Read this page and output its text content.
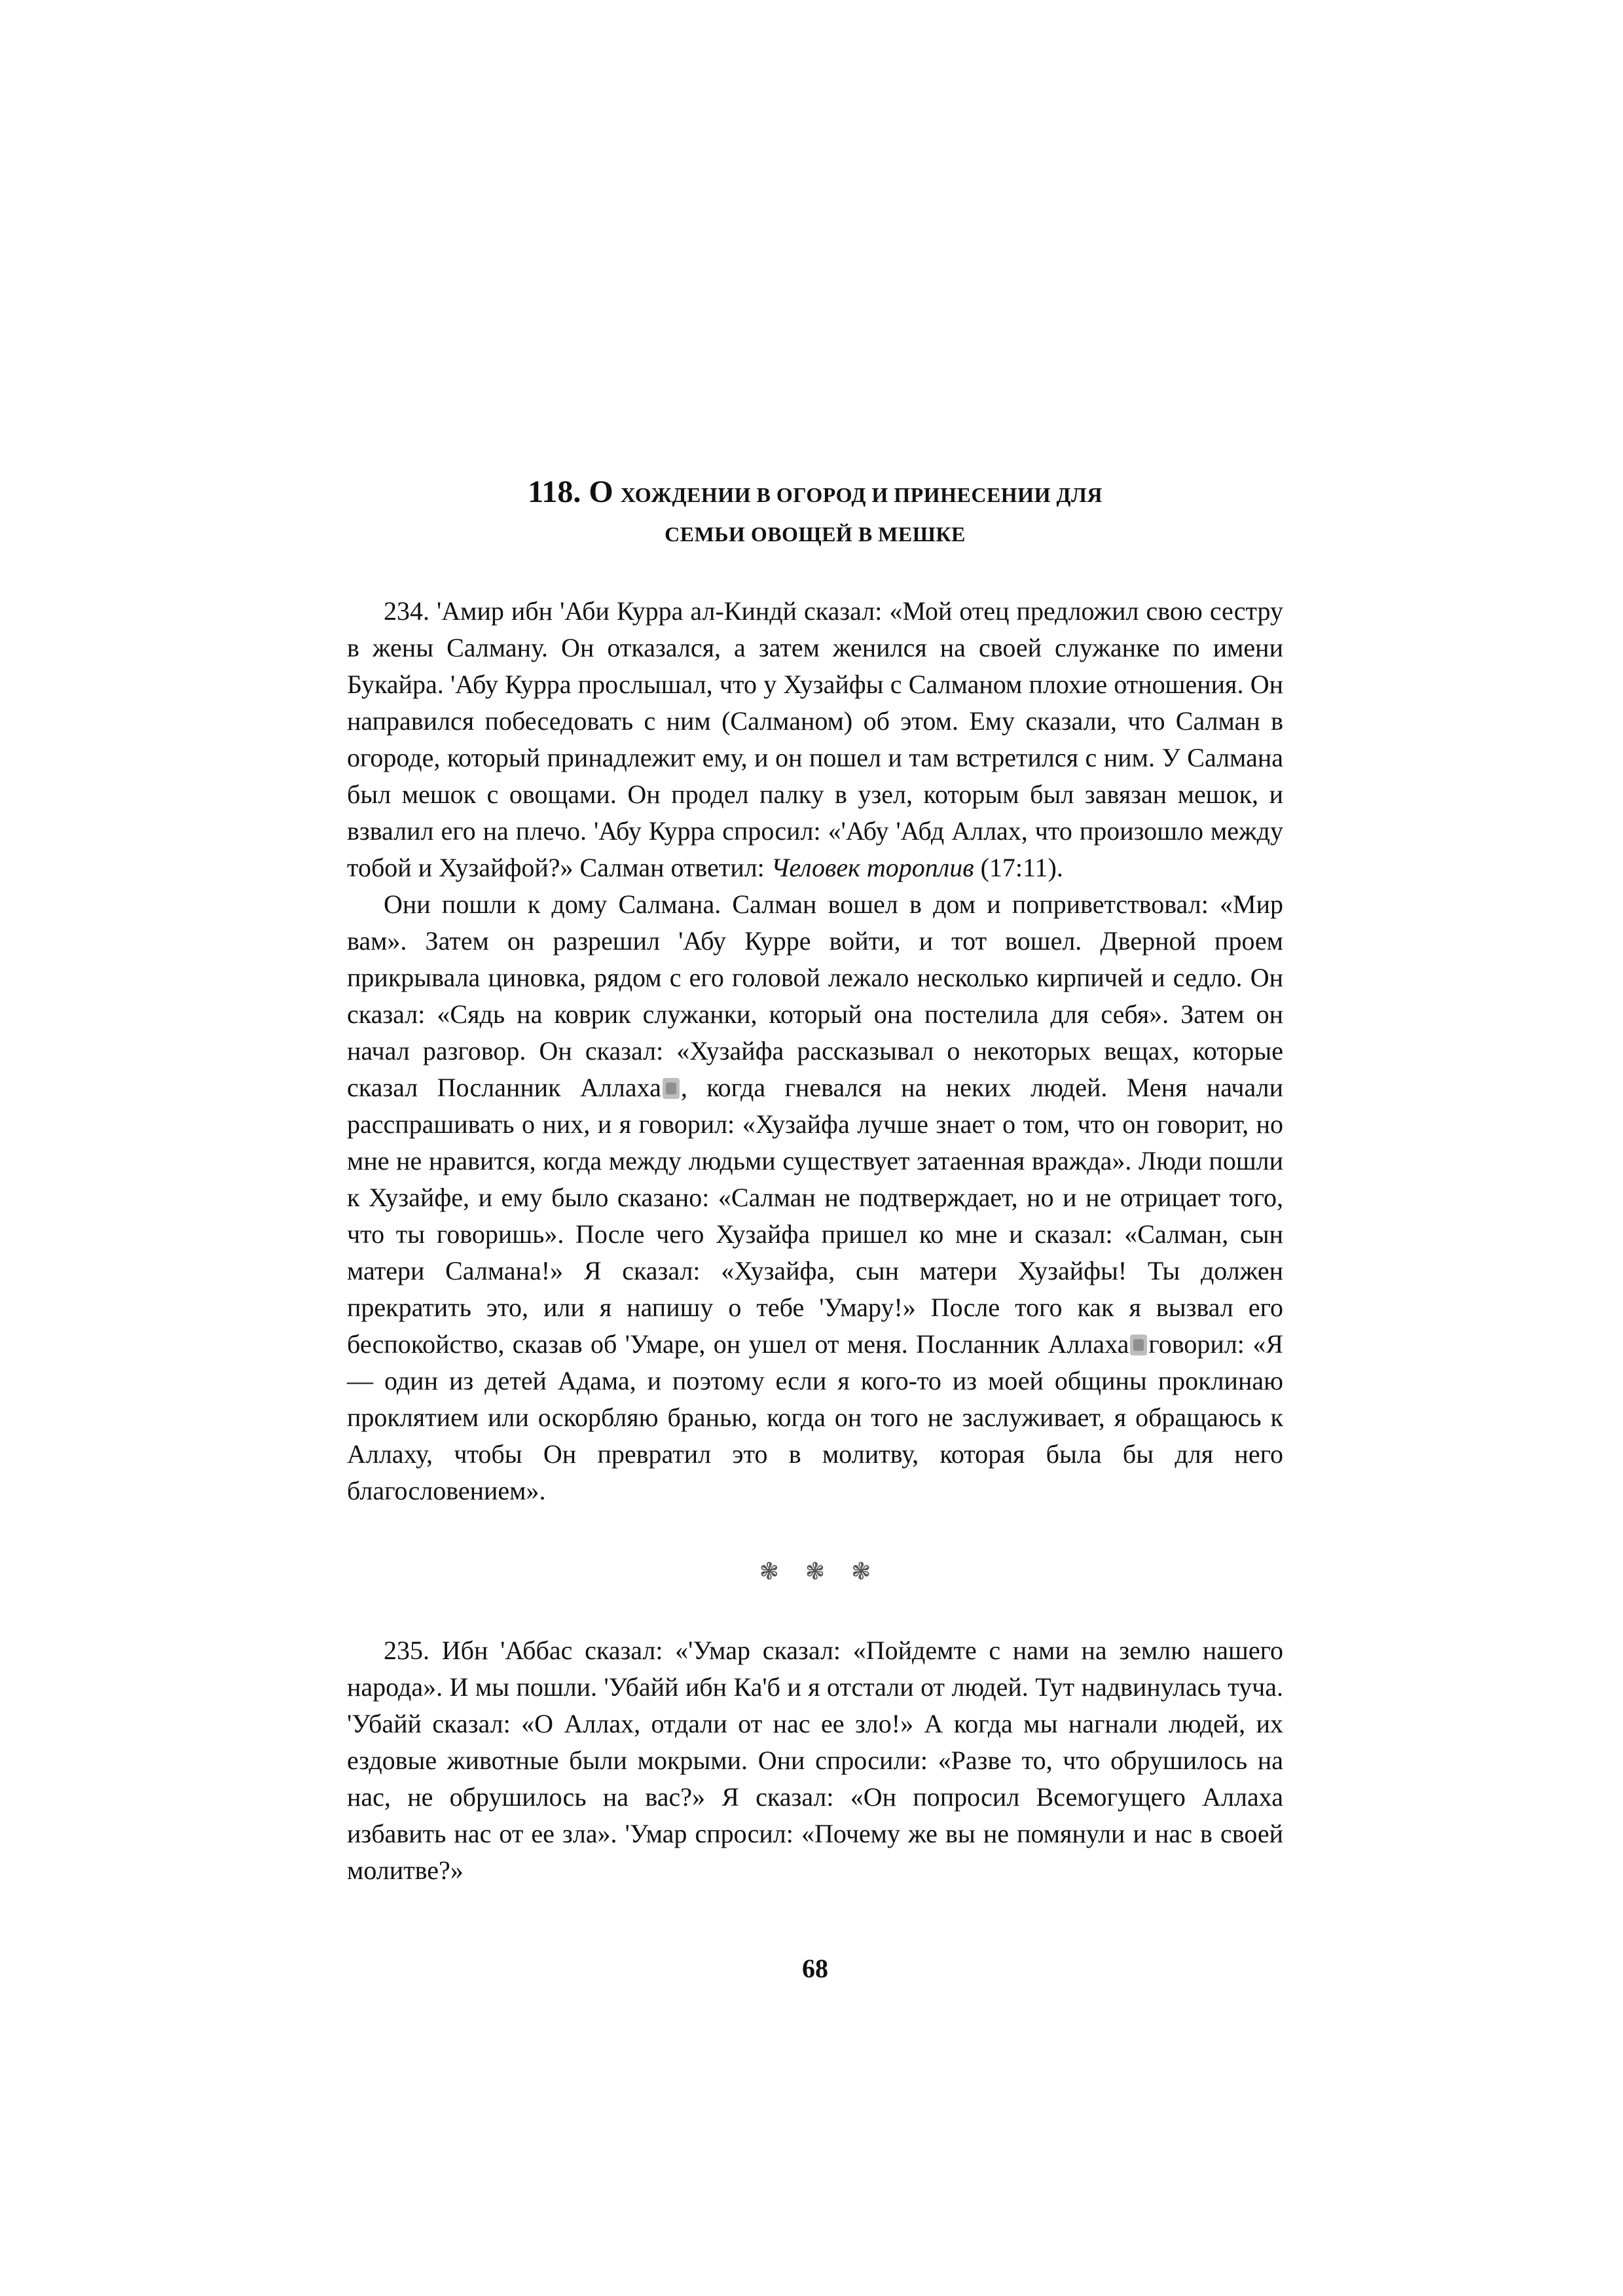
118. О ХОЖДЕНИИ В ОГОРОД И ПРИНЕСЕНИИ ДЛЯ
СЕМЬИ ОВОЩЕЙ В МЕШКЕ

234. 'Амир ибн 'Аби Курра ал-Киндй сказал: «Мой отец предложил свою сестру в жены Салману. Он отказался, а затем женился на своей служанке по имени Букайра. 'Абу Курра прослышал, что у Хузайфы с Салманом плохие отношения. Он направился побеседовать с ним (Салманом) об этом. Ему сказали, что Салман в огороде, который принадлежит ему, и он пошел и там встретился с ним. У Салмана был мешок с овощами. Он продел палку в узел, которым был завязан мешок, и взвалил его на плечо. 'Абу Курра спросил: «'Абу 'Абд Аллах, что произошло между тобой и Хузайфой?» Салман ответил: Человек тороплив (17:11).

Они пошли к дому Салмана. Салман вошел в дом и поприветствовал: «Мир вам». Затем он разрешил 'Абу Курре войти, и тот вошел. Дверной проем прикрывала циновка, рядом с его головой лежало несколько кирпичей и седло. Он сказал: «Сядь на коврик служанки, который она постелила для себя». Затем он начал разговор. Он сказал: «Хузайфа рассказывал о некоторых вещах, которые сказал Посланник Аллаха , когда гневался на неких людей. Меня начали расспрашивать о них, и я говорил: «Хузайфа лучше знает о том, что он говорит, но мне не нравится, когда между людьми существует затаенная вражда». Люди пошли к Хузайфе, и ему было сказано: «Салман не подтверждает, но и не отрицает того, что ты говоришь». После чего Хузайфа пришел ко мне и сказал: «Салман, сын матери Салмана!» Я сказал: «Хузайфа, сын матери Хузайфы! Ты должен прекратить это, или я напишу о тебе 'Умару!» После того как я вызвал его беспокойство, сказав об 'Умаре, он ушел от меня. Посланник Аллаха говорил: «Я — один из детей Адама, и поэтому если я кого-то из моей общины проклинаю проклятием или оскорбляю бранью, когда он того не заслуживает, я обращаюсь к Аллаху, чтобы Он превратил это в молитву, которая была бы для него благословением».

❃❃❃

235. Ибн 'Аббас сказал: «'Умар сказал: «Пойдемте с нами на землю нашего народа». И мы пошли. 'Убайй ибн Ка'б и я отстали от людей. Тут надвинулась туча. 'Убайй сказал: «О Аллах, отдали от нас ее зло!» А когда мы нагнали людей, их ездовые животные были мокрыми. Они спросили: «Разве то, что обрушилось на нас, не обрушилось на вас?» Я сказал: «Он попросил Всемогущего Аллаха избавить нас от ее зла». 'Умар спросил: «Почему же вы не помянули и нас в своей молитве?»

68
